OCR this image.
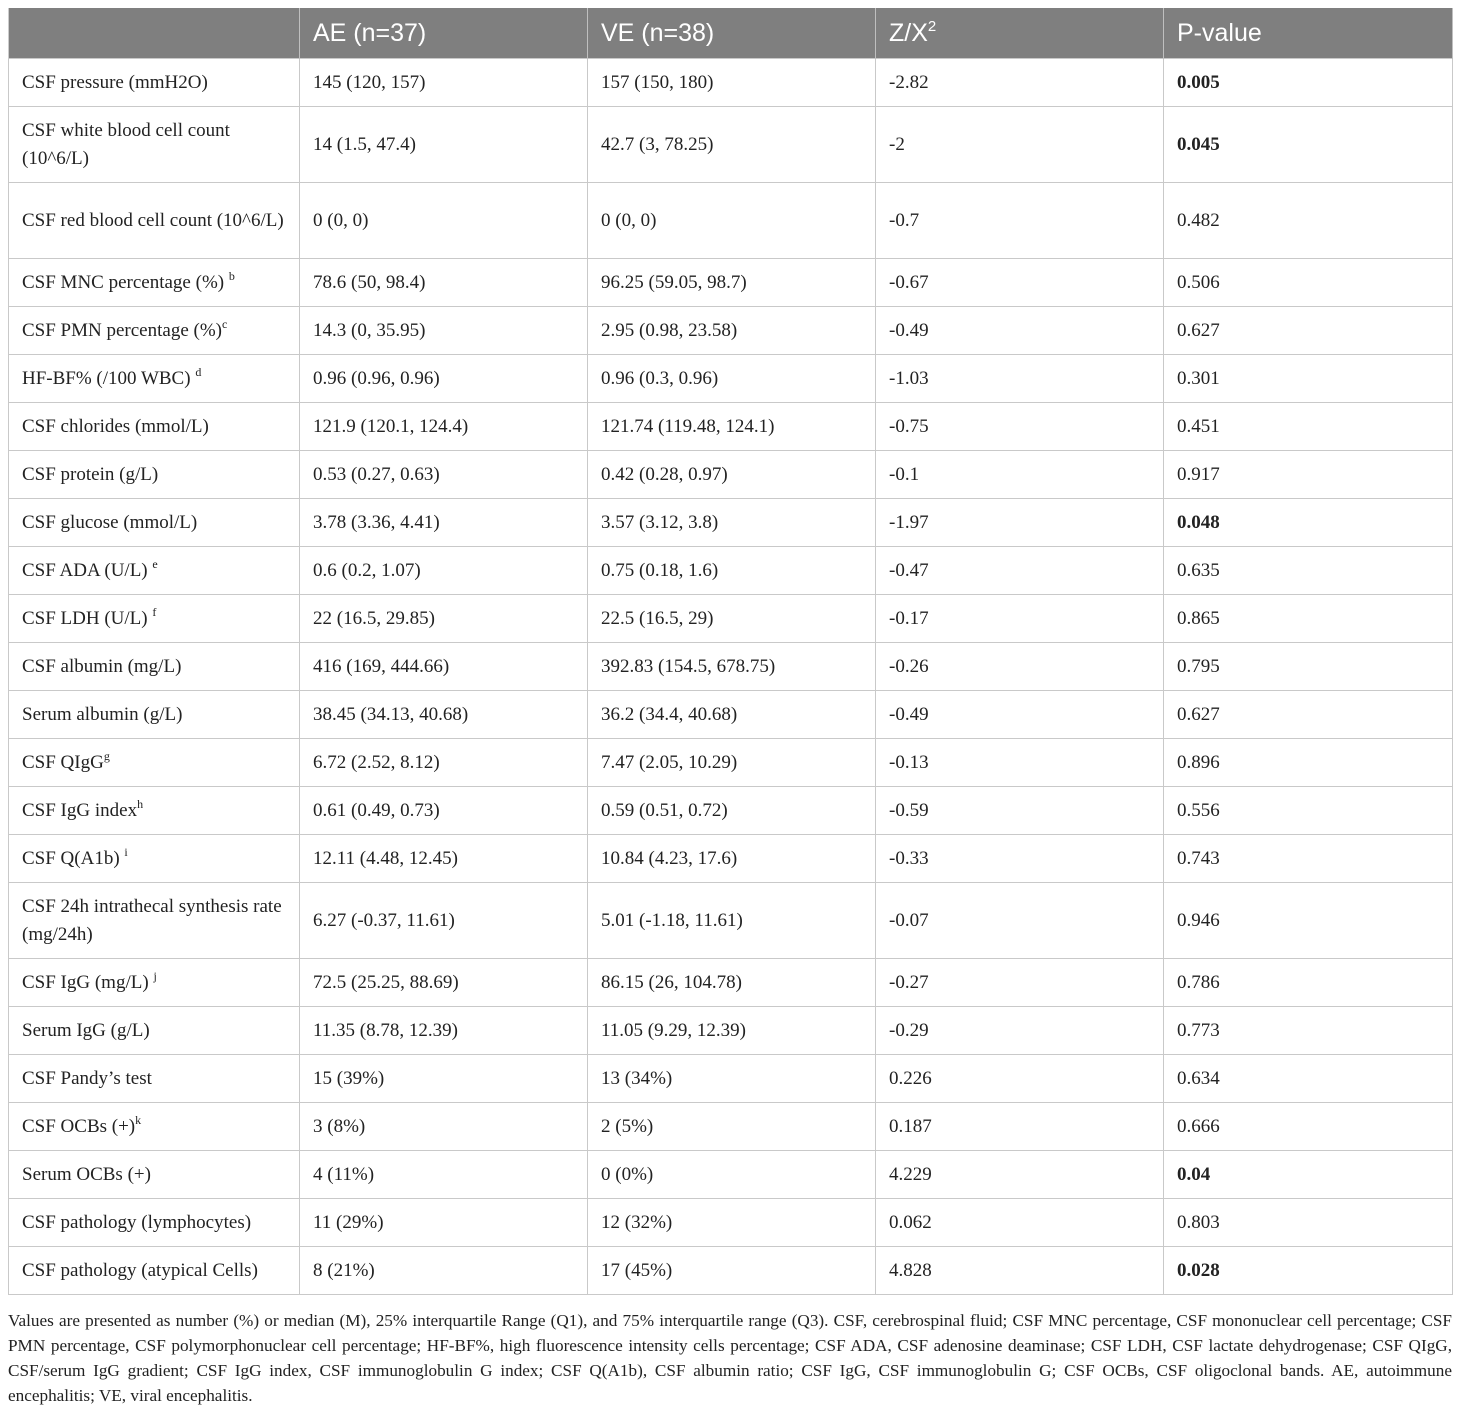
	AE (n=37)	VE (n=38)	$Z/X^2$	P-value
CSF pressure (mmH2O)	145 (120, 157)	157 (150, 180)	-2.82	0.005
CSF white blood cell count (10^6/L)	14 (1.5, 47.4)	42.7 (3, 78.25)	-2	0.045
CSF red blood cell count (10^6/L)	0 (0, 0)	0 (0, 0)	-0.7	0.482
CSF MNC percentage (%) $^b$	78.6 (50, 98.4)	96.25 (59.05, 98.7)	-0.67	0.506
CSF PMN percentage (%)$^c$	14.3 (0, 35.95)	2.95 (0.98, 23.58)	-0.49	0.627
HF-BF% (/100 WBC) $^d$	0.96 (0.96, 0.96)	0.96 (0.3, 0.96)	-1.03	0.301
CSF chlorides (mmol/L)	121.9 (120.1, 124.4)	121.74 (119.48, 124.1)	-0.75	0.451
CSF protein (g/L)	0.53 (0.27, 0.63)	0.42 (0.28, 0.97)	-0.1	0.917
CSF glucose (mmol/L)	3.78 (3.36, 4.41)	3.57 (3.12, 3.8)	-1.97	0.048
CSF ADA (U/L) $^e$	0.6 (0.2, 1.07)	0.75 (0.18, 1.6)	-0.47	0.635
CSF LDH (U/L) $^f$	22 (16.5, 29.85)	22.5 (16.5, 29)	-0.17	0.865
CSF albumin (mg/L)	416 (169, 444.66)	392.83 (154.5, 678.75)	-0.26	0.795
Serum albumin (g/L)	38.45 (34.13, 40.68)	36.2 (34.4, 40.68)	-0.49	0.627
CSF QIgG$^g$	6.72 (2.52, 8.12)	7.47 (2.05, 10.29)	-0.13	0.896
CSF IgG index$^h$	0.61 (0.49, 0.73)	0.59 (0.51, 0.72)	-0.59	0.556
CSF Q(A1b) $^i$	12.11 (4.48, 12.45)	10.84 (4.23, 17.6)	-0.33	0.743
CSF 24h intrathecal synthesis rate (mg/24h)	6.27 (-0.37, 11.61)	5.01 (-1.18, 11.61)	-0.07	0.946
CSF IgG (mg/L) $^j$	72.5 (25.25, 88.69)	86.15 (26, 104.78)	-0.27	0.786
Serum IgG (g/L)	11.35 (8.78, 12.39)	11.05 (9.29, 12.39)	-0.29	0.773
CSF Pandy’s test	15 (39%)	13 (34%)	0.226	0.634
CSF OCBs $(+)^k$	3 (8%)	2 (5%)	0.187	0.666
Serum OCBs (+)	4 (11%)	0 (0%)	4.229	0.04
CSF pathology (lymphocytes)	11 (29%)	12 (32%)	0.062	0.803
CSF pathology (atypical Cells)	8 (21%)	17 (45%)	4.828	0.028
Values are presented as number (%) or median (M), 25% interquartile Range (Q1), and 75% interquartile range (Q3). CSF, cerebrospinal fluid; CSF MNC percentage, CSF mononuclear cell percentage; CSF PMN percentage, CSF polymorphonuclear cell percentage; HF-BF%, high fluorescence intensity cells percentage; CSF ADA, CSF adenosine deaminase; CSF LDH, CSF lactate dehydrogenase; CSF QIgG, CSF/serum IgG gradient; CSF IgG index, CSF immunoglobulin G index; CSF Q(A1b), CSF albumin ratio; CSF IgG, CSF immunoglobulin G; CSF OCBs, CSF oligoclonal bands. AE, autoimmune encephalitis; VE, viral encephalitis.
